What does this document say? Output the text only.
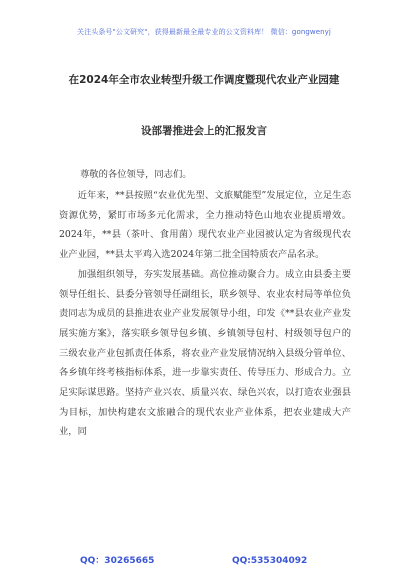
关注头条号"公文研究"，获得最新最全最专业的公文资料库！ 微信：gongwenyj
在2024年全市农业转型升级工作调度暨现代农业产业园建
设部署推进会上的汇报发言
尊敬的各位领导，同志们。

近年来，**县按照“农业优先型、文旅赋能型”发展定位，立足生态资源优势，紧盯市场多元化需求，全力推动特色山地农业提质增效。2024年，**县（茶叶、食用菌）现代农业产业园被认定为省级现代农业产业园，**县太平鸡入选2024年第二批全国特质农产品名录。

加强组织领导，夯实发展基础。高位推动聚合力。成立由县委主要领导任组长、县委分管领导任副组长，联乡领导、农业农村局等单位负责同志为成员的县推进农业产业发展领导小组，印发《**县农业产业发展实施方案》，落实联乡领导包乡镇、乡镇领导包村、村级领导包户的三级农业产业包抓责任体系，将农业产业发展情况纳入县级分管单位、各乡镇年终考核指标体系，进一步靠实责任、传导压力、形成合力。立足实际谋思路。坚持产业兴农、质量兴农、绿色兴农，以打造农业强县为目标，加快构建农文旅融合的现代农业产业体系，把农业建成大产业，同

QQ：30265665	QQ:535304092
